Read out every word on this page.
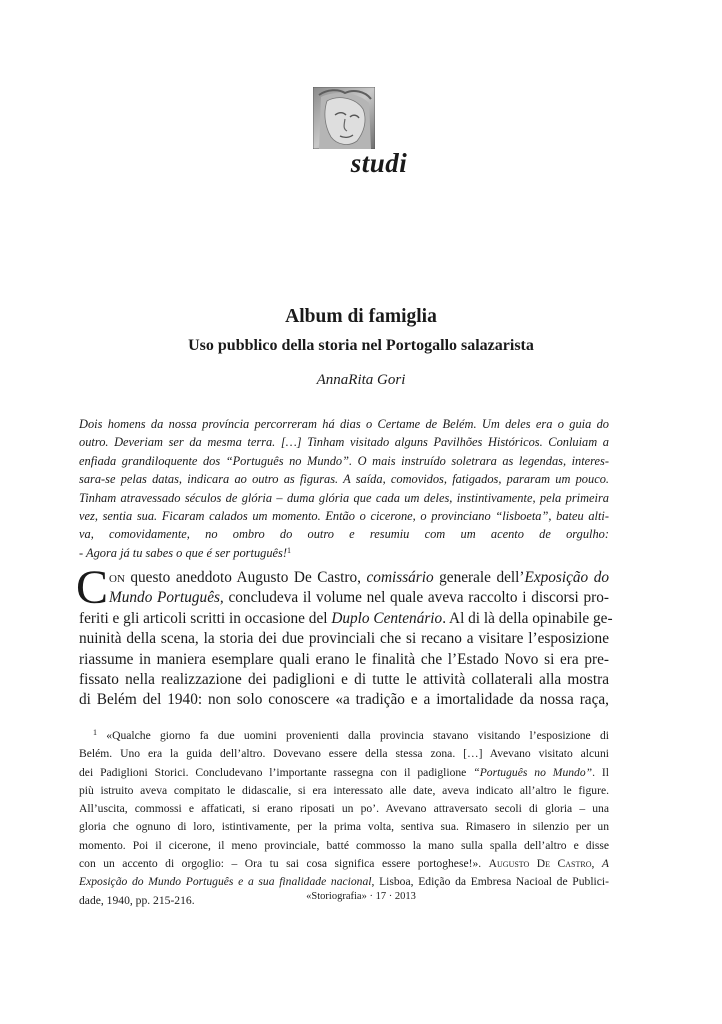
studi
Album di famiglia
Uso pubblico della storia nel Portogallo salazarista
AnnaRita Gori
Dois homens da nossa província percorreram há dias o Certame de Belém. Um deles era o guia do
outro. Deveriam ser da mesma terra. […] Tinham visitado alguns Pavilhões Históricos. Conluiam a
enfiada grandiloquente dos “Português no Mundo”. O mais instruído soletrara as legendas, interes-
sara-se pelas datas, indicara ao outro as figuras. A saída, comovidos, fatigados, pararam um pouco.
Tinham atravessado séculos de glória – duma glória que cada um deles, instintivamente, pela primeira
vez, sentia sua. Ficaram calados um momento. Então o cicerone, o provinciano “lisboeta”, bateu alti-
va, comovidamente, no ombro do outro e resumiu com um acento de orgulho:
- Agora já tu sabes o que é ser português!$^1$
C on questo aneddoto Augusto De Castro, comissário generale dell’Exposição do
Mundo Português, concludeva il volume nel quale aveva raccolto i discorsi pro-
feriti e gli articoli scritti in occasione del Duplo Centenário. Al di là della opinabile ge-
nuinità della scena, la storia dei due provinciali che si recano a visitare l’esposizione
riassume in maniera esemplare quali erano le finalità che l’Estado Novo si era pre-
fissato nella realizzazione dei padiglioni e di tutte le attività collaterali alla mostra
di Belém del 1940: non solo conoscere «a tradição e a imortalidade da nossa raça,
$^1$ «Qualche giorno fa due uomini provenienti dalla provincia stavano visitando l’esposizione di
Belém. Uno era la guida dell’altro. Dovevano essere della stessa zona. […] Avevano visitato alcuni
dei Padiglioni Storici. Concludevano l’importante rassegna con il padiglione “Português no Mundo”. Il
più istruito aveva compitato le didascalie, si era interessato alle date, aveva indicato all’altro le figure.
All’uscita, commossi e affaticati, si erano riposati un po’. Avevano attraversato secoli di gloria – una
gloria che ognuno di loro, istintivamente, per la prima volta, sentiva sua. Rimasero in silenzio per un
momento. Poi il cicerone, il meno provinciale, batté commosso la mano sulla spalla dell’altro e disse
con un accento di orgoglio: – Ora tu sai cosa significa essere portoghese!». Augusto De Castro, A
Exposição do Mundo Português e a sua finalidade nacional, Lisboa, Edição da Embresa Nacioal de Publici-
dade, 1940, pp. 215-216.	«Storiografia» · 17 · 2013
